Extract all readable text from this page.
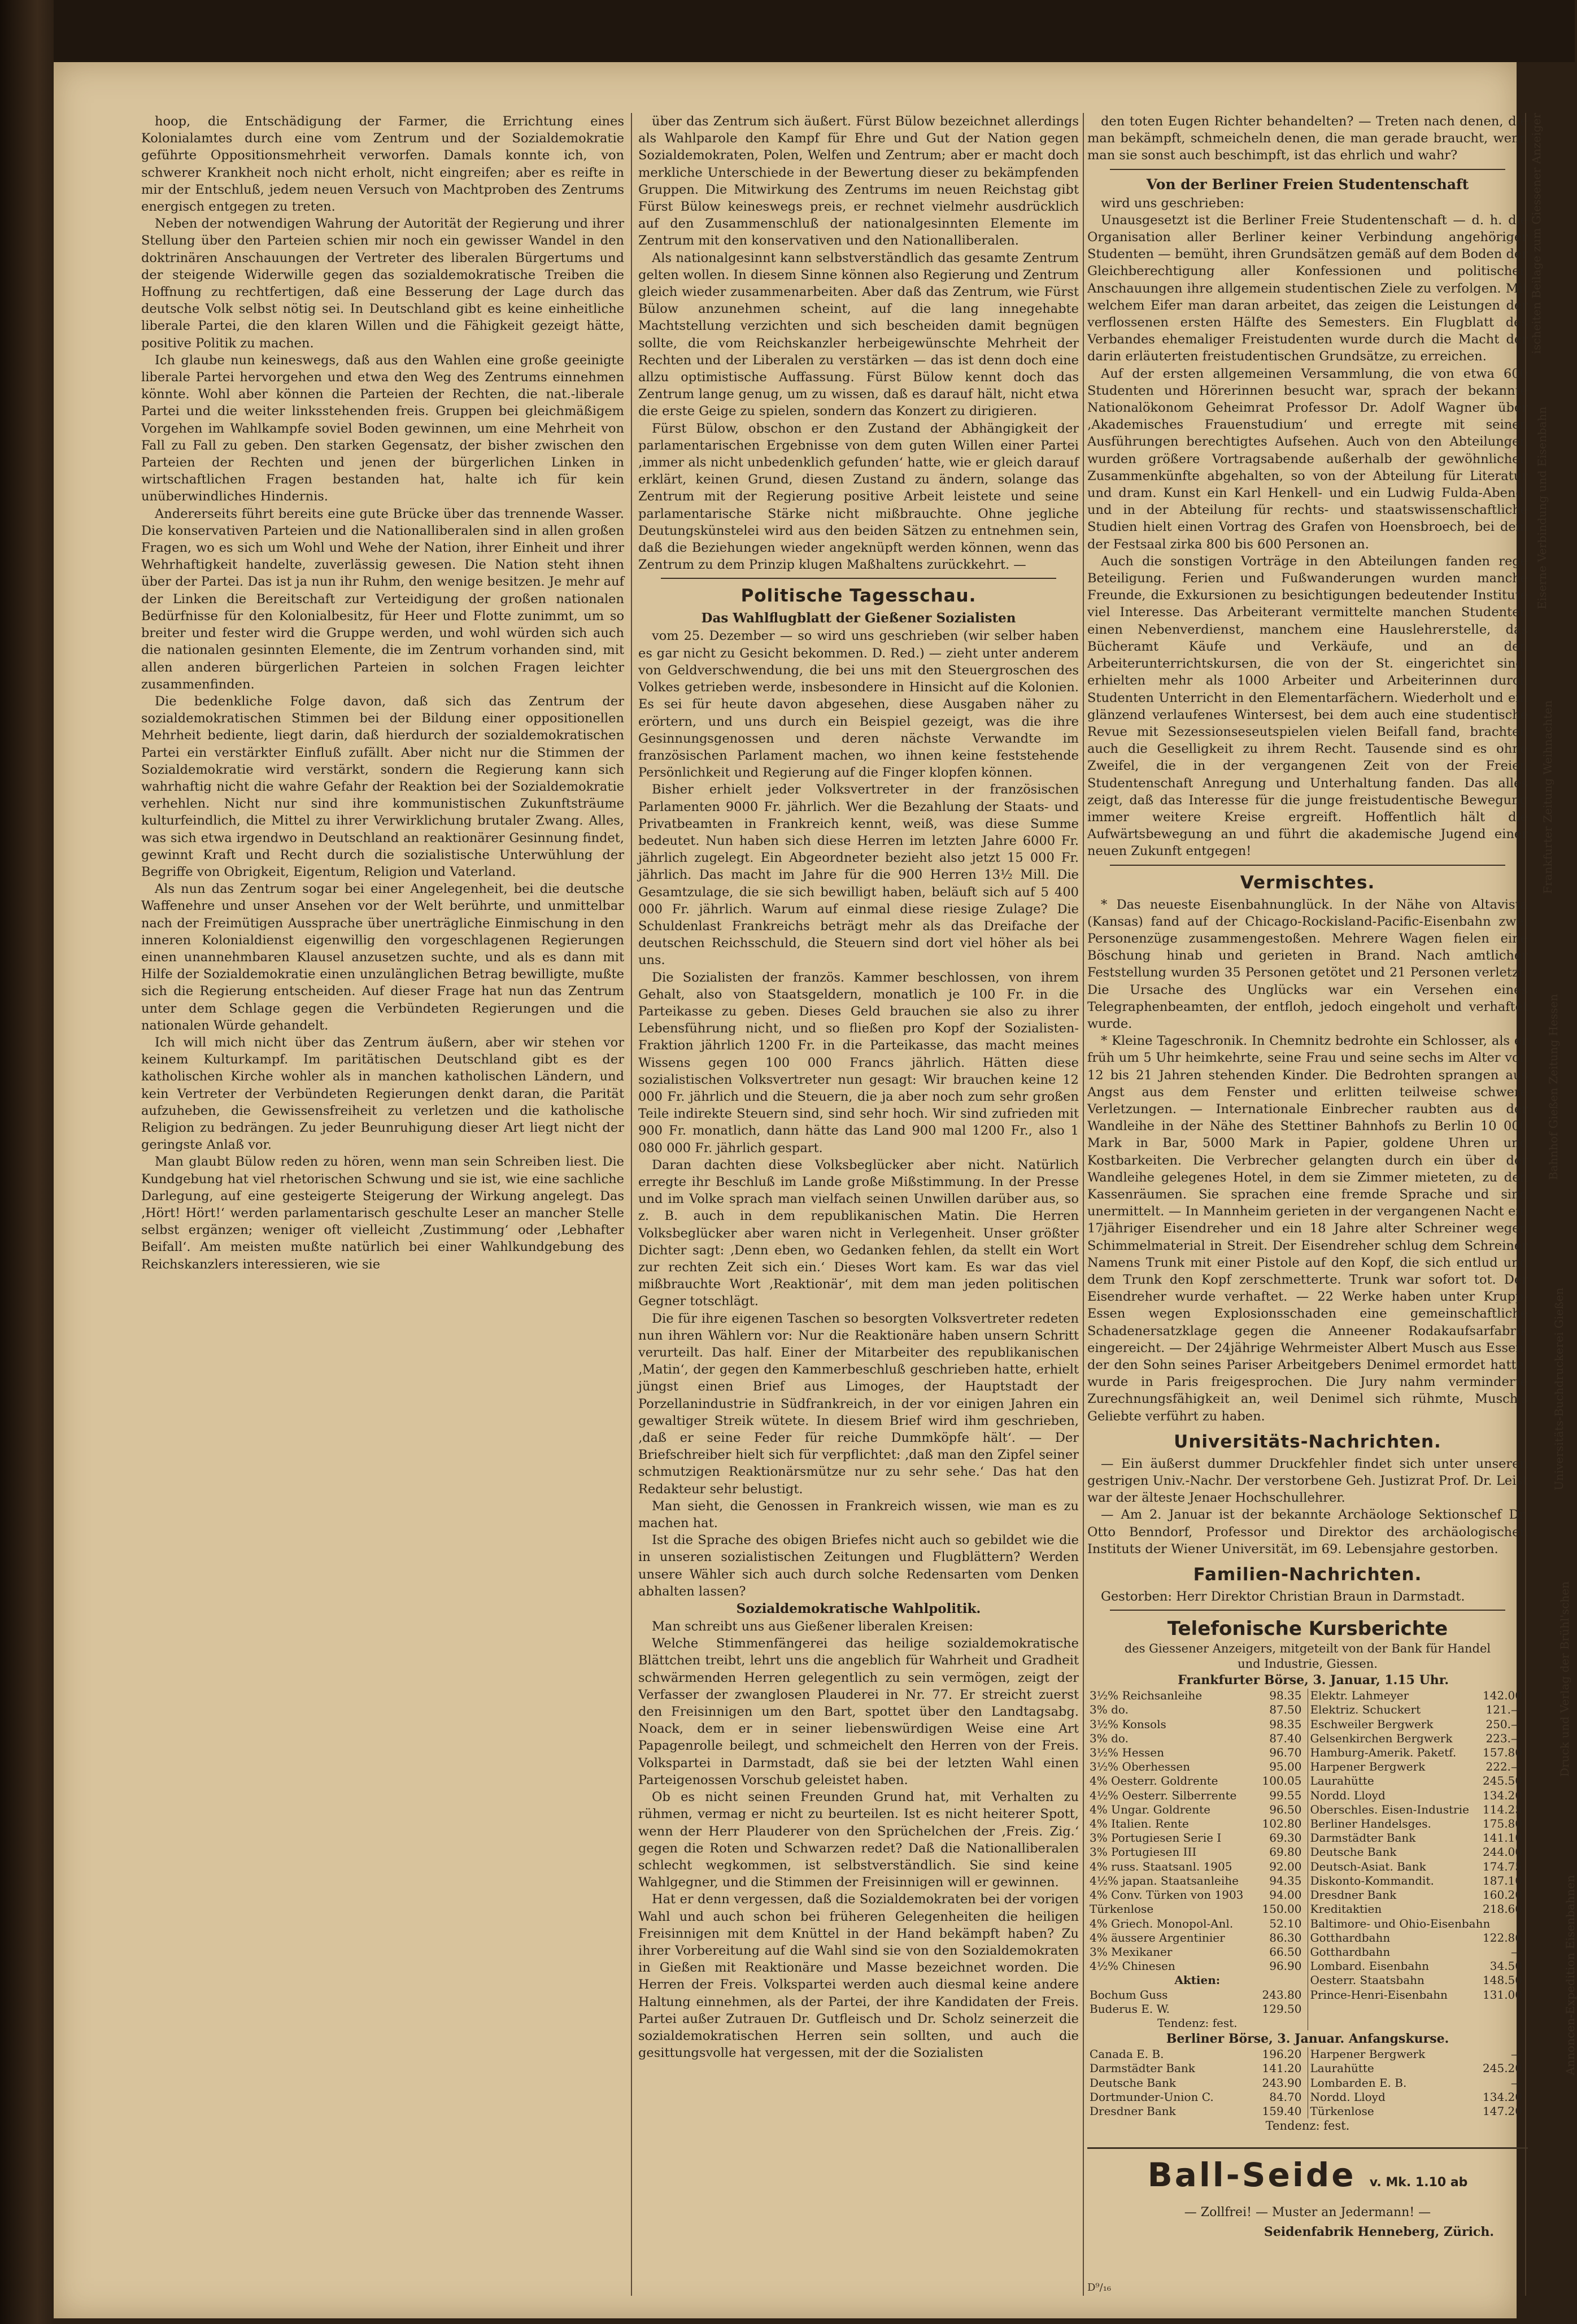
hoop, die Entschädigung der Farmer, die Errichtung eines Kolonialamtes durch eine vom Zentrum und der Sozialdemokratie geführte Oppositionsmehrheit verworfen. Damals konnte ich, von schwerer Krankheit noch nicht erholt, nicht eingreifen; aber es reifte in mir der Entschluß, jedem neuen Versuch von Machtproben des Zentrums energisch entgegen zu treten.

Neben der notwendigen Wahrung der Autorität der Regierung und ihrer Stellung über den Parteien schien mir noch ein gewisser Wandel in den doktrinären Anschauungen der Vertreter des liberalen Bürgertums und der steigende Widerwille gegen das sozialdemokratische Treiben die Hoffnung zu rechtfertigen, daß eine Besserung der Lage durch das deutsche Volk selbst nötig sei. In Deutschland gibt es keine einheitliche liberale Partei, die den klaren Willen und die Fähigkeit gezeigt hätte, positive Politik zu machen.

Ich glaube nun keineswegs, daß aus den Wahlen eine große geeinigte liberale Partei hervorgehen und etwa den Weg des Zentrums einnehmen könnte. Wohl aber können die Parteien der Rechten, die nat.-liberale Partei und die weiter linksstehenden freis. Gruppen bei gleichmäßigem Vorgehen im Wahlkampfe soviel Boden gewinnen, um eine Mehrheit von Fall zu Fall zu geben. Den starken Gegensatz, der bisher zwischen den Parteien der Rechten und jenen der bürgerlichen Linken in wirtschaftlichen Fragen bestanden hat, halte ich für kein unüberwindliches Hindernis.

Andererseits führt bereits eine gute Brücke über das trennende Wasser. Die konservativen Parteien und die Nationalliberalen sind in allen großen Fragen, wo es sich um Wohl und Wehe der Nation, ihrer Einheit und ihrer Wehrhaftigkeit handelte, zuverlässig gewesen. Die Nation steht ihnen über der Partei. Das ist ja nun ihr Ruhm, den wenige besitzen. Je mehr auf der Linken die Bereitschaft zur Verteidigung der großen nationalen Bedürfnisse für den Kolonialbesitz, für Heer und Flotte zunimmt, um so breiter und fester wird die Gruppe werden, und wohl würden sich auch die nationalen gesinnten Elemente, die im Zentrum vorhanden sind, mit allen anderen bürgerlichen Parteien in solchen Fragen leichter zusammenfinden.

Die bedenkliche Folge davon, daß sich das Zentrum der sozialdemokratischen Stimmen bei der Bildung einer oppositionellen Mehrheit bediente, liegt darin, daß hierdurch der sozialdemokratischen Partei ein verstärkter Einfluß zufällt. Aber nicht nur die Stimmen der Sozialdemokratie wird verstärkt, sondern die Regierung kann sich wahrhaftig nicht die wahre Gefahr der Reaktion bei der Sozialdemokratie verhehlen. Nicht nur sind ihre kommunistischen Zukunftsträume kulturfeindlich, die Mittel zu ihrer Verwirklichung brutaler Zwang. Alles, was sich etwa irgendwo in Deutschland an reaktionärer Gesinnung findet, gewinnt Kraft und Recht durch die sozialistische Unterwühlung der Begriffe von Obrigkeit, Eigentum, Religion und Vaterland.

Als nun das Zentrum sogar bei einer Angelegenheit, bei die deutsche Waffenehre und unser Ansehen vor der Welt berührte, und unmittelbar nach der Freimütigen Aussprache über unerträgliche Einmischung in den inneren Kolonialdienst eigenwillig den vorgeschlagenen Regierungen einen unannehmbaren Klausel anzusetzen suchte, und als es dann mit Hilfe der Sozialdemokratie einen unzulänglichen Betrag bewilligte, mußte sich die Regierung entscheiden. Auf dieser Frage hat nun das Zentrum unter dem Schlage gegen die Verbündeten Regierungen und die nationalen Würde gehandelt.

Ich will mich nicht über das Zentrum äußern, aber wir stehen vor keinem Kulturkampf. Im paritätischen Deutschland gibt es der katholischen Kirche wohler als in manchen katholischen Ländern, und kein Vertreter der Verbündeten Regierungen denkt daran, die Parität aufzuheben, die Gewissensfreiheit zu verletzen und die katholische Religion zu bedrängen. Zu jeder Beunruhigung dieser Art liegt nicht der geringste Anlaß vor.

Man glaubt Bülow reden zu hören, wenn man sein Schreiben liest. Die Kundgebung hat viel rhetorischen Schwung und sie ist, wie eine sachliche Darlegung, auf eine gesteigerte Steigerung der Wirkung angelegt. Das ‚Hört! Hört!‘ werden parlamentarisch geschulte Leser an mancher Stelle selbst ergänzen; weniger oft vielleicht ‚Zustimmung‘ oder ‚Lebhafter Beifall‘. Am meisten mußte natürlich bei einer Wahlkundgebung des Reichskanzlers interessieren, wie sie

über das Zentrum sich äußert. Fürst Bülow bezeichnet allerdings als Wahlparole den Kampf für Ehre und Gut der Nation gegen Sozialdemokraten, Polen, Welfen und Zentrum; aber er macht doch merkliche Unterschiede in der Bewertung dieser zu bekämpfenden Gruppen. Die Mitwirkung des Zentrums im neuen Reichstag gibt Fürst Bülow keineswegs preis, er rechnet vielmehr ausdrücklich auf den Zusammenschluß der nationalgesinnten Elemente im Zentrum mit den konservativen und den Nationalliberalen.

Als nationalgesinnt kann selbstverständlich das gesamte Zentrum gelten wollen. In diesem Sinne können also Regierung und Zentrum gleich wieder zusammenarbeiten. Aber daß das Zentrum, wie Fürst Bülow anzunehmen scheint, auf die lang innegehabte Machtstellung verzichten und sich bescheiden damit begnügen sollte, die vom Reichskanzler herbeigewünschte Mehrheit der Rechten und der Liberalen zu verstärken — das ist denn doch eine allzu optimistische Auffassung. Fürst Bülow kennt doch das Zentrum lange genug, um zu wissen, daß es darauf hält, nicht etwa die erste Geige zu spielen, sondern das Konzert zu dirigieren.

Fürst Bülow, obschon er den Zustand der Abhängigkeit der parlamentarischen Ergebnisse von dem guten Willen einer Partei ‚immer als nicht unbedenklich gefunden‘ hatte, wie er gleich darauf erklärt, keinen Grund, diesen Zustand zu ändern, solange das Zentrum mit der Regierung positive Arbeit leistete und seine parlamentarische Stärke nicht mißbrauchte. Ohne jegliche Deutungskünstelei wird aus den beiden Sätzen zu entnehmen sein, daß die Beziehungen wieder angeknüpft werden können, wenn das Zentrum zu dem Prinzip klugen Maßhaltens zurückkehrt. —

Politische Tagesschau.
Das Wahlflugblatt der Gießener Sozialisten

vom 25. Dezember — so wird uns geschrieben (wir selber haben es gar nicht zu Gesicht bekommen. D. Red.) — zieht unter anderem von Geldverschwendung, die bei uns mit den Steuergroschen des Volkes getrieben werde, insbesondere in Hinsicht auf die Kolonien. Es sei für heute davon abgesehen, diese Ausgaben näher zu erörtern, und uns durch ein Beispiel gezeigt, was die ihre Gesinnungsgenossen und deren nächste Verwandte im französischen Parlament machen, wo ihnen keine feststehende Persönlichkeit und Regierung auf die Finger klopfen können.

Bisher erhielt jeder Volksvertreter in der französischen Parlamenten 9000 Fr. jährlich. Wer die Bezahlung der Staats- und Privatbeamten in Frankreich kennt, weiß, was diese Summe bedeutet. Nun haben sich diese Herren im letzten Jahre 6000 Fr. jährlich zugelegt. Ein Abgeordneter bezieht also jetzt 15 000 Fr. jährlich. Das macht im Jahre für die 900 Herren 13½ Mill. Die Gesamtzulage, die sie sich bewilligt haben, beläuft sich auf 5 400 000 Fr. jährlich. Warum auf einmal diese riesige Zulage? Die Schuldenlast Frankreichs beträgt mehr als das Dreifache der deutschen Reichsschuld, die Steuern sind dort viel höher als bei uns.

Die Sozialisten der französ. Kammer beschlossen, von ihrem Gehalt, also von Staatsgeldern, monatlich je 100 Fr. in die Parteikasse zu geben. Dieses Geld brauchen sie also zu ihrer Lebensführung nicht, und so fließen pro Kopf der Sozialisten-Fraktion jährlich 1200 Fr. in die Parteikasse, das macht meines Wissens gegen 100 000 Francs jährlich. Hätten diese sozialistischen Volksvertreter nun gesagt: Wir brauchen keine 12 000 Fr. jährlich und die Steuern, die ja aber noch zum sehr großen Teile indirekte Steuern sind, sind sehr hoch. Wir sind zufrieden mit 900 Fr. monatlich, dann hätte das Land 900 mal 1200 Fr., also 1 080 000 Fr. jährlich gespart.

Daran dachten diese Volksbeglücker aber nicht. Natürlich erregte ihr Beschluß im Lande große Mißstimmung. In der Presse und im Volke sprach man vielfach seinen Unwillen darüber aus, so z. B. auch in dem republikanischen Matin. Die Herren Volksbeglücker aber waren nicht in Verlegenheit. Unser größter Dichter sagt: ‚Denn eben, wo Gedanken fehlen, da stellt ein Wort zur rechten Zeit sich ein.‘ Dieses Wort kam. Es war das viel mißbrauchte Wort ‚Reaktionär‘, mit dem man jeden politischen Gegner totschlägt.

Die für ihre eigenen Taschen so besorgten Volksvertreter redeten nun ihren Wählern vor: Nur die Reaktionäre haben unsern Schritt verurteilt. Das half. Einer der Mitarbeiter des republikanischen ‚Matin‘, der gegen den Kammerbeschluß geschrieben hatte, erhielt jüngst einen Brief aus Limoges, der Hauptstadt der Porzellanindustrie in Südfrankreich, in der vor einigen Jahren ein gewaltiger Streik wütete. In diesem Brief wird ihm geschrieben, ‚daß er seine Feder für reiche Dummköpfe hält‘. — Der Briefschreiber hielt sich für verpflichtet: ‚daß man den Zipfel seiner schmutzigen Reaktionärsmütze nur zu sehr sehe.‘ Das hat den Redakteur sehr belustigt.

Man sieht, die Genossen in Frankreich wissen, wie man es zu machen hat.

Ist die Sprache des obigen Briefes nicht auch so gebildet wie die in unseren sozialistischen Zeitungen und Flugblättern? Werden unsere Wähler sich auch durch solche Redensarten vom Denken abhalten lassen?

Sozialdemokratische Wahlpolitik.

Man schreibt uns aus Gießener liberalen Kreisen:

Welche Stimmenfängerei das heilige sozialdemokratische Blättchen treibt, lehrt uns die angeblich für Wahrheit und Gradheit schwärmenden Herren gelegentlich zu sein vermögen, zeigt der Verfasser der zwanglosen Plauderei in Nr. 77. Er streicht zuerst den Freisinnigen um den Bart, spottet über den Landtagsabg. Noack, dem er in seiner liebenswürdigen Weise eine Art Papagenrolle beilegt, und schmeichelt den Herren von der Freis. Volkspartei in Darmstadt, daß sie bei der letzten Wahl einen Parteigenossen Vorschub geleistet haben.

Ob es nicht seinen Freunden Grund hat, mit Verhalten zu rühmen, vermag er nicht zu beurteilen. Ist es nicht heiterer Spott, wenn der Herr Plauderer von den Sprüchelchen der ‚Freis. Zig.‘ gegen die Roten und Schwarzen redet? Daß die Nationalliberalen schlecht wegkommen, ist selbstverständlich. Sie sind keine Wahlgegner, und die Stimmen der Freisinnigen will er gewinnen.

Hat er denn vergessen, daß die Sozialdemokraten bei der vorigen Wahl und auch schon bei früheren Gelegenheiten die heiligen Freisinnigen mit dem Knüttel in der Hand bekämpft haben? Zu ihrer Vorbereitung auf die Wahl sind sie von den Sozialdemokraten in Gießen mit Reaktionäre und Masse bezeichnet worden. Die Herren der Freis. Volkspartei werden auch diesmal keine andere Haltung einnehmen, als der Partei, der ihre Kandidaten der Freis. Partei außer Zutrauen Dr. Gutfleisch und Dr. Scholz seinerzeit die sozialdemokratischen Herren sein sollten, und auch die gesittungsvolle hat vergessen, mit der die Sozialisten

den toten Eugen Richter behandelten? — Treten nach denen, die man bekämpft, schmeicheln denen, die man gerade braucht, wenn man sie sonst auch beschimpft, ist das ehrlich und wahr?

Von der Berliner Freien Studentenschaft

wird uns geschrieben:

Unausgesetzt ist die Berliner Freie Studentenschaft — d. h. die Organisation aller Berliner keiner Verbindung angehöriger Studenten — bemüht, ihren Grundsätzen gemäß auf dem Boden der Gleichberechtigung aller Konfessionen und politischen Anschauungen ihre allgemein studentischen Ziele zu verfolgen. Mit welchem Eifer man daran arbeitet, das zeigen die Leistungen der verflossenen ersten Hälfte des Semesters. Ein Flugblatt des Verbandes ehemaliger Freistudenten wurde durch die Macht der darin erläuterten freistudentischen Grundsätze, zu erreichen.

Auf der ersten allgemeinen Versammlung, die von etwa 600 Studenten und Hörerinnen besucht war, sprach der bekannte Nationalökonom Geheimrat Professor Dr. Adolf Wagner über ‚Akademisches Frauenstudium‘ und erregte mit seinen Ausführungen berechtigtes Aufsehen. Auch von den Abteilungen wurden größere Vortragsabende außerhalb der gewöhnlichen Zusammenkünfte abgehalten, so von der Abteilung für Literatur und dram. Kunst ein Karl Henkell- und ein Ludwig Fulda-Abend, und in der Abteilung für rechts- und staatswissenschaftliche Studien hielt einen Vortrag des Grafen von Hoensbroech, bei dem der Festsaal zirka 800 bis 600 Personen an.

Auch die sonstigen Vorträge in den Abteilungen fanden rege Beteiligung. Ferien und Fußwanderungen wurden manche Freunde, die Exkursionen zu besichtigungen bedeutender Institute viel Interesse. Das Arbeiterant vermittelte manchen Studenten einen Nebenverdienst, manchem eine Hauslehrerstelle, das Bücheramt Käufe und Verkäufe, und an den Arbeiterunterrichtskursen, die von der St. eingerichtet sind, erhielten mehr als 1000 Arbeiter und Arbeiterinnen durch Studenten Unterricht in den Elementarfächern. Wiederholt und ein glänzend verlaufenes Wintersest, bei dem auch eine studentische Revue mit Sezessionseseutspielen vielen Beifall fand, brachten auch die Geselligkeit zu ihrem Recht. Tausende sind es ohne Zweifel, die in der vergangenen Zeit von der Freien Studentenschaft Anregung und Unterhaltung fanden. Das alles zeigt, daß das Interesse für die junge freistudentische Bewegung immer weitere Kreise ergreift. Hoffentlich hält die Aufwärtsbewegung an und führt die akademische Jugend einer neuen Zukunft entgegen!

Vermischtes.

* Das neueste Eisenbahnunglück. In der Nähe von Altavista (Kansas) fand auf der Chicago-Rockisland-Pacific-Eisenbahn zwei Personenzüge zusammengestoßen. Mehrere Wagen fielen eine Böschung hinab und gerieten in Brand. Nach amtlicher Feststellung wurden 35 Personen getötet und 21 Personen verletzt. Die Ursache des Unglücks war ein Versehen eines Telegraphenbeamten, der entfloh, jedoch eingeholt und verhaftet wurde.

* Kleine Tageschronik. In Chemnitz bedrohte ein Schlosser, als er früh um 5 Uhr heimkehrte, seine Frau und seine sechs im Alter von 12 bis 21 Jahren stehenden Kinder. Die Bedrohten sprangen aus Angst aus dem Fenster und erlitten teilweise schwere Verletzungen. — Internationale Einbrecher raubten aus der Wandleihe in der Nähe des Stettiner Bahnhofs zu Berlin 10 000 Mark in Bar, 5000 Mark in Papier, goldene Uhren und Kostbarkeiten. Die Verbrecher gelangten durch ein über der Wandleihe gelegenes Hotel, in dem sie Zimmer mieteten, zu den Kassenräumen. Sie sprachen eine fremde Sprache und sind unermittelt. — In Mannheim gerieten in der vergangenen Nacht ein 17jähriger Eisendreher und ein 18 Jahre alter Schreiner wegen Schimmelmaterial in Streit. Der Eisendreher schlug dem Schreiner Namens Trunk mit einer Pistole auf den Kopf, die sich entlud und dem Trunk den Kopf zerschmetterte. Trunk war sofort tot. Der Eisendreher wurde verhaftet. — 22 Werke haben unter Krupp-Essen wegen Explosionsschaden eine gemeinschaftliche Schadenersatzklage gegen die Anneener Rodakaufsarfabrik eingereicht. — Der 24jährige Wehrmeister Albert Musch aus Essen, der den Sohn seines Pariser Arbeitgebers Denimel ermordet hatte, wurde in Paris freigesprochen. Die Jury nahm verminderte Zurechnungsfähigkeit an, weil Denimel sich rühmte, Musch's Geliebte verführt zu haben.

Universitäts-Nachrichten.

— Ein äußerst dummer Druckfehler findet sich unter unseren gestrigen Univ.-Nachr. Der verstorbene Geh. Justizrat Prof. Dr. Leist war der älteste Jenaer Hochschullehrer.

— Am 2. Januar ist der bekannte Archäologe Sektionschef Dr. Otto Benndorf, Professor und Direktor des archäologischen Instituts der Wiener Universität, im 69. Lebensjahre gestorben.

Familien-Nachrichten.

Gestorben: Herr Direktor Christian Braun in Darmstadt.

Telefonische Kursberichte
des Giessener Anzeigers, mitgeteilt von der Bank für Handel
und Industrie, Giessen.
Frankfurter Börse, 3. Januar, 1.15 Uhr.
3½% Reichsanleihe	98.35
3% do.	87.50
3½% Konsols	98.35
3% do.	87.40
3½% Hessen	96.70
3½% Oberhessen	95.00
4% Oesterr. Goldrente	100.05
4½% Oesterr. Silberrente	99.55
4% Ungar. Goldrente	96.50
4% Italien. Rente	102.80
3% Portugiesen Serie I	69.30
3% Portugiesen III	69.80
4% russ. Staatsanl. 1905	92.00
4½% japan. Staatsanleihe	94.35
4% Conv. Türken von 1903 94.00
Türkenlose	150.00
4% Griech. Monopol-Anl.	52.10
4% äussere Argentinier	86.30
3% Mexikaner	66.50
4½% Chinesen	96.90
Aktien:
Bochum Guss	243.80
Buderus E. W.	129.50
Tendenz: fest.
Elektr. Lahmeyer	142.00
Elektriz. Schuckert	121.—
Eschweiler Bergwerk	250.—
Gelsenkirchen Bergwerk	223.—
Hamburg-Amerik. Paketf. 157.80
Harpener Bergwerk	222.—
Laurahütte	245.50
Nordd. Lloyd	134.20
Oberschles. Eisen-Industrie 114.25
Berliner Handelsges.	175.80
Darmstädter Bank	141.10
Deutsche Bank	244.00
Deutsch-Asiat. Bank	174.75
Diskonto-Kommandit.	187.10
Dresdner Bank	160.20
Kreditaktien	218.60
Baltimore- und Ohio-Eisenbahn
Gotthardbahn	122.86
Gotthardbahn	—
Lombard. Eisenbahn	34.50
Oesterr. Staatsbahn	148.50
Prince-Henri-Eisenbahn	131.00
Berliner Börse, 3. Januar. Anfangskurse.
Canada E. B.	196.20
Darmstädter Bank	141.20
Deutsche Bank	243.90
Dortmunder-Union C.	84.70
Dresdner Bank	159.40
Harpener Bergwerk	—
Laurahütte	245.20
Lombarden E. B.	—
Nordd. Lloyd	134.20
Türkenlose	147.20
Tendenz: fest.
Ball-Seide v. Mk. 1.10 ab
— Zollfrei! — Muster an Jedermann! —
Seidenfabrik Henneberg, Zürich.
D⁹/₁₆
ischeiten Beilage zum Giessener Anzeiger
Eiserne Verbindung und Eisenbahn
Frankfurter Zeitung Weihnachten
Bahnhof Gießen Zeitung Hessen
Universitäts-Buchdruckerei Gießen
Druck und Verlag der Brühl'schen
Annoncen-Expedition Eisenbahnen
